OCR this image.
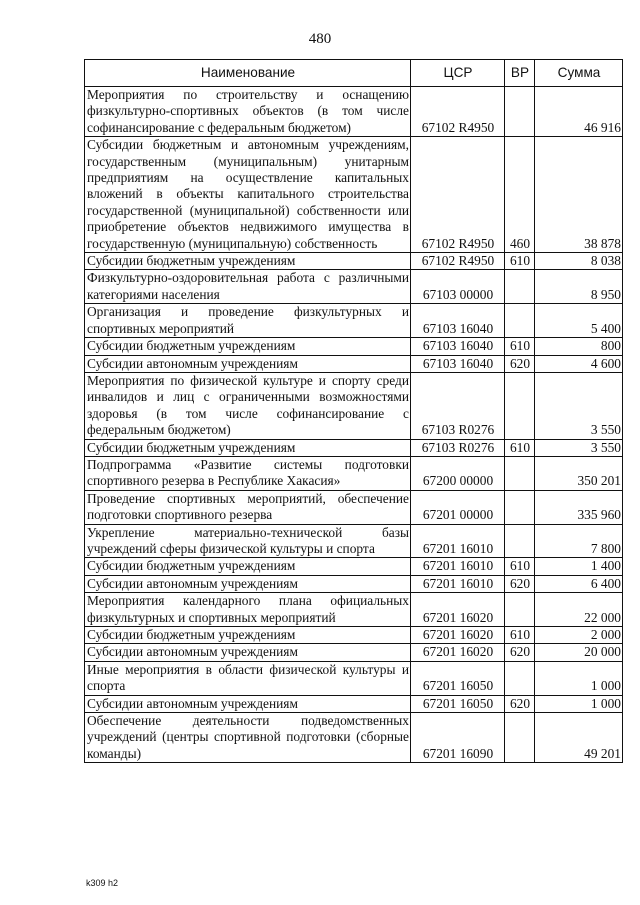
480
Наименование	ЦСР	ВР	Сумма
Мероприятия по строительству и оснащению физкультурно-спортивных объектов (в том числе софинансирование с федеральным бюджетом)	67102 R4950		46 916
Субсидии бюджетным и автономным учреждениям, государственным (муниципальным) унитарным предприятиям на осуществление капитальных вложений в объекты капитального строительства государственной (муниципальной) собственности или приобретение объектов недвижимого имущества в государственную (муниципальную) собственность	67102 R4950	460	38 878
Субсидии бюджетным учреждениям	67102 R4950	610	8 038
Физкультурно-оздоровительная работа с различными категориями населения	67103 00000		8 950
Организация и проведение физкультурных и спортивных мероприятий	67103 16040		5 400
Субсидии бюджетным учреждениям	67103 16040	610	800
Субсидии автономным учреждениям	67103 16040	620	4 600
Мероприятия по физической культуре и спорту среди инвалидов и лиц с ограниченными возможностями здоровья (в том числе софинансирование с федеральным бюджетом)	67103 R0276		3 550
Субсидии бюджетным учреждениям	67103 R0276	610	3 550
Подпрограмма «Развитие системы подготовки спортивного резерва в Республике Хакасия»	67200 00000		350 201
Проведение спортивных мероприятий, обеспечение подготовки спортивного резерва	67201 00000		335 960
Укрепление материально-технической базы учреждений сферы физической культуры и спорта	67201 16010		7 800
Субсидии бюджетным учреждениям	67201 16010	610	1 400
Субсидии автономным учреждениям	67201 16010	620	6 400
Мероприятия календарного плана официальных физкультурных и спортивных мероприятий	67201 16020		22 000
Субсидии бюджетным учреждениям	67201 16020	610	2 000
Субсидии автономным учреждениям	67201 16020	620	20 000
Иные мероприятия в области физической культуры и спорта	67201 16050		1 000
Субсидии автономным учреждениям	67201 16050	620	1 000
Обеспечение деятельности подведомственных учреждений (центры спортивной подготовки (сборные команды)	67201 16090		49 201
k309 h2
